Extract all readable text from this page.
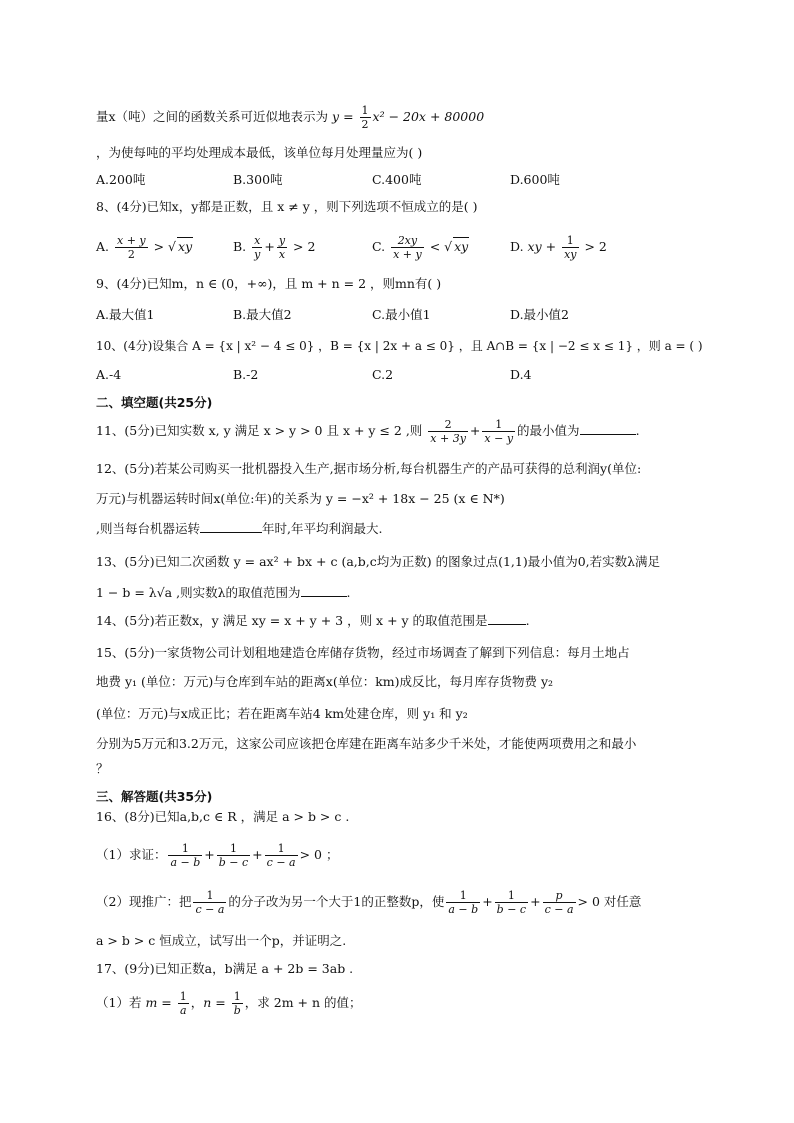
量x（吨）之间的函数关系可近似地表示为 $y = \frac{1}{2} x^2 - 20x + 80000$
，为使每吨的平均处理成本最低，该单位每月处理量应为( )
A.200吨	B.300吨	C.400吨	D.600吨
8、(4分)已知x，y都是正数，且 x ≠ y ，则下列选项不恒成立的是( )
A. $\frac{x + y}{2}$ > √ xy	B. $\frac{x}{y} + \frac{y}{x} > 2$	C. $\frac{2xy}{x + y}$ < √ xy	D. xy + $\frac{1}{xy} > 2$
9、(4分)已知m，n ∈ (0，+∞)，且 m + n = 2 ，则mn有( )
A.最大值1	B.最大值2	C.最小值1	D.最小值2
10、(4分)设集合 A = {x | x² − 4 ≤ 0} ，B = {x | 2x + a ≤ 0} ，且 A∩B = {x | −2 ≤ x ≤ 1} ，则 a = ( )
A.-4	B.-2	C.2	D.4
二、填空题(共25分)
11、(5分)已知实数 x, y 满足 x > y > 0 且 x + y ≤ 2 ,则 $\frac{2}{x + 3y} + \frac{1}{x - y}$ 的最小值为	.
12、(5分)若某公司购买一批机器投入生产,据市场分析,每台机器生产的产品可获得的总利润y(单位:
万元)与机器运转时间x(单位:年)的关系为 y = −x² + 18x − 25 (x ∈ N*)
,则当每台机器运转	年时,年平均利润最大.
13、(5分)已知二次函数 y = ax² + bx + c (a,b,c均为正数) 的图象过点(1,1)最小值为0,若实数λ满足
1 − b = λ√a ,则实数λ的取值范围为	.
14、(5分)若正数x，y 满足 xy = x + y + 3 ，则 x + y 的取值范围是	.
15、(5分)一家货物公司计划租地建造仓库储存货物，经过市场调查了解到下列信息：每月土地占
地费 y₁ (单位：万元)与仓库到车站的距离x(单位：km)成反比，每月库存货物费 y₂
(单位：万元)与x成正比；若在距离车站4 km处建仓库，则 y₁ 和 y₂
分别为5万元和3.2万元，这家公司应该把仓库建在距离车站多少千米处，才能使两项费用之和最小
？
三、解答题(共35分)
16、(8分)已知a,b,c ∈ R ，满足 a > b > c .
（1）求证： $\frac{1}{a - b} + \frac{1}{b - c} + \frac{1}{c - a} > 0$ ；
（2）现推广：把 $\frac{1}{c - a}$ 的分子改为另一个大于1的正整数p，使 $\frac{1}{a - b} + \frac{1}{b - c} + \frac{p}{c - a} > 0$ 对任意
a > b > c 恒成立，试写出一个p，并证明之.
17、(9分)已知正数a，b满足 a + 2b = 3ab .
（1）若 $m = \frac{1}{a}$ ，$n = \frac{1}{b}$ ，求 2m + n 的值；
